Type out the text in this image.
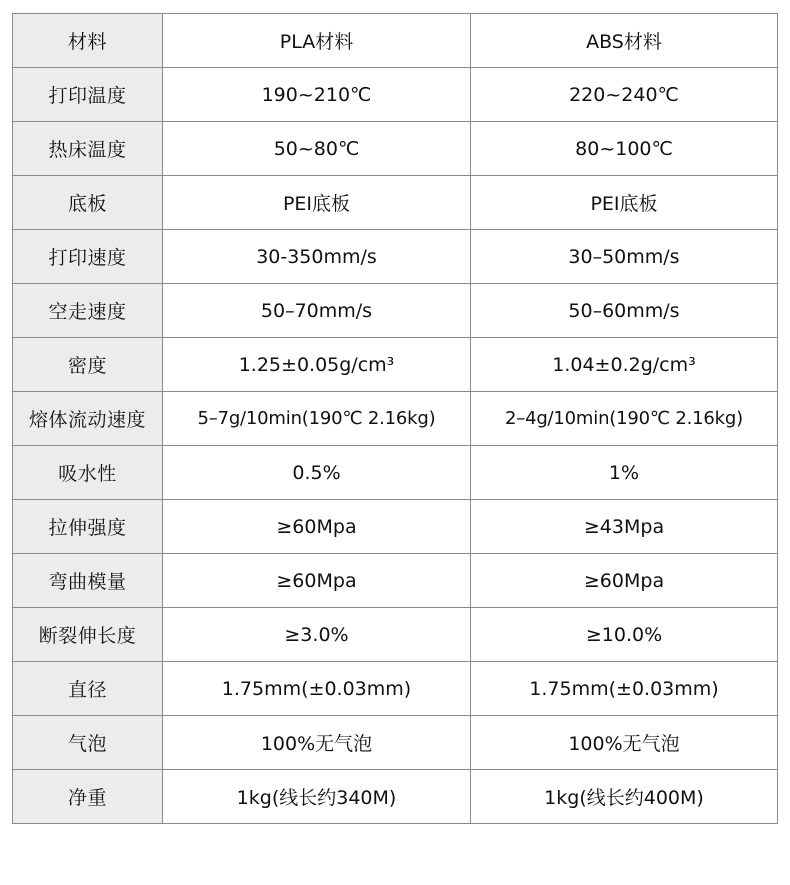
材料	PLA材料	ABS材料
打印温度	190~210℃	220~240℃
热床温度	50~80℃	80~100℃
底板	PEI底板	PEI底板
打印速度	30-350mm/s	30–50mm/s
空走速度	50–70mm/s	50–60mm/s
密度	1.25±0.05g/cm³	1.04±0.2g/cm³
熔体流动速度	5–7g/10min(190℃ 2.16kg)	2–4g/10min(190℃ 2.16kg)
吸水性	0.5%	1%
拉伸强度	≥60Mpa	≥43Mpa
弯曲模量	≥60Mpa	≥60Mpa
断裂伸长度	≥3.0%	≥10.0%
直径	1.75mm(±0.03mm)	1.75mm(±0.03mm)
气泡	100%无气泡	100%无气泡
净重	1kg(线长约340M)	1kg(线长约400M)
